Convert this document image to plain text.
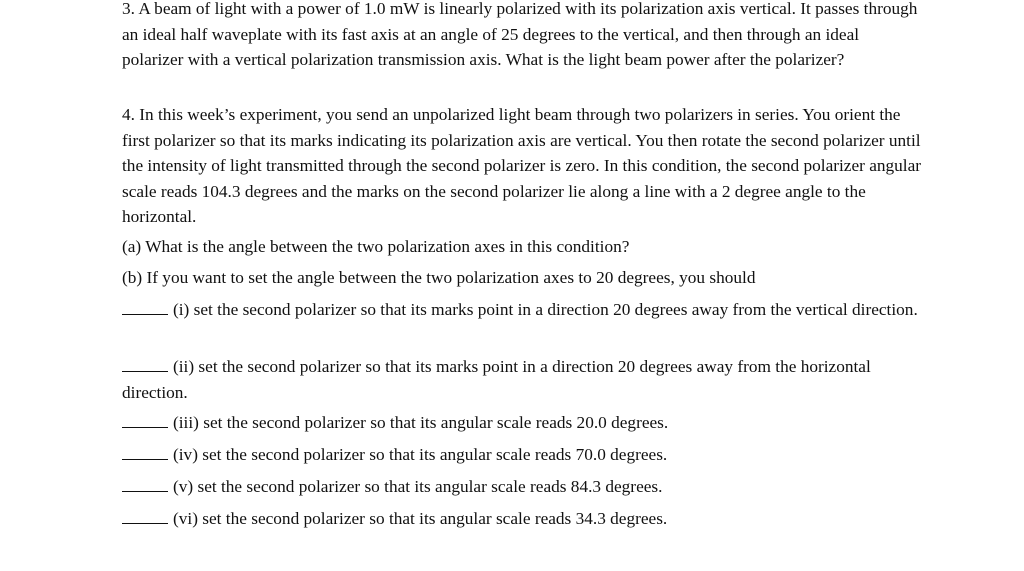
3. A beam of light with a power of 1.0 mW is linearly polarized with its polarization axis vertical. It passes through an ideal half waveplate with its fast axis at an angle of 25 degrees to the vertical, and then through an ideal polarizer with a vertical polarization transmission axis. What is the light beam power after the polarizer?

4. In this week’s experiment, you send an unpolarized light beam through two polarizers in series. You orient the first polarizer so that its marks indicating its polarization axis are vertical. You then rotate the second polarizer until the intensity of light transmitted through the second polarizer is zero. In this condition, the second polarizer angular scale reads 104.3 degrees and the marks on the second polarizer lie along a line with a 2 degree angle to the horizontal.

(a) What is the angle between the two polarization axes in this condition?

(b) If you want to set the angle between the two polarization axes to 20 degrees, you should

(i) set the second polarizer so that its marks point in a direction 20 degrees away from the vertical direction.

(ii) set the second polarizer so that its marks point in a direction 20 degrees away from the horizontal direction.

(iii) set the second polarizer so that its angular scale reads 20.0 degrees.

(iv) set the second polarizer so that its angular scale reads 70.0 degrees.

(v) set the second polarizer so that its angular scale reads 84.3 degrees.

(vi) set the second polarizer so that its angular scale reads 34.3 degrees.
